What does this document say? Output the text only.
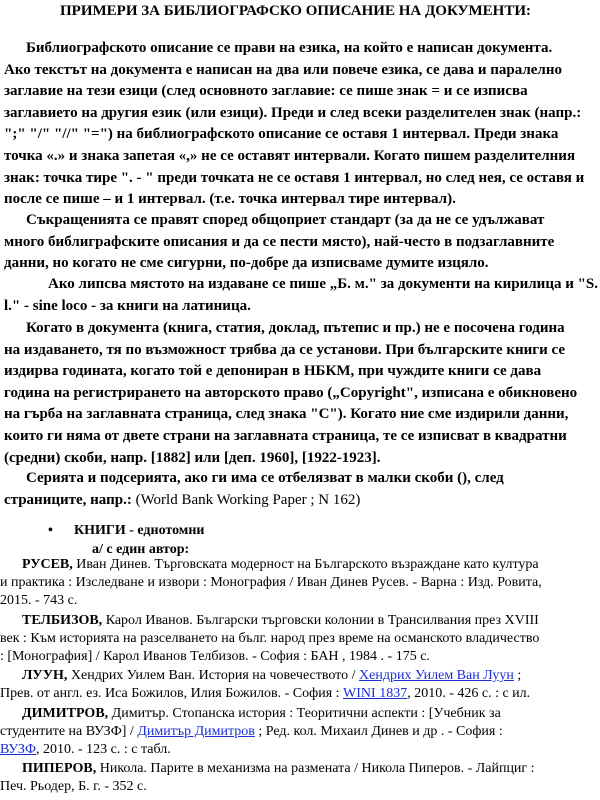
ПРИМЕРИ ЗА БИБЛИОГРАФСКО ОПИСАНИЕ НА ДОКУМЕНТИ:
Библиографското описание се прави на езика, на който е написан документа.
Ако текстът на документа е написан на два или повече езика, се дава и паралелно
заглавие на тези езици (след основното заглавие: се пише знак = и се изписва
заглавието на другия език (или езици). Преди и след всеки разделителен знак (напр.:
";" "/" "//" "=") на библиографското описание се оставя 1 интервал. Преди знака
точка «.» и знака запетая «,» не се оставят интервали. Когато пишем разделителния
знак: точка тире ". - " преди точката не се оставя 1 интервал, но след нея, се оставя и
после се пише – и 1 интервал. (т.е. точка интервал тире интервал).
Съкращенията се правят според общоприет стандарт (за да не се удължават
много библиграфските описания и да се пести място), най-често в подзаглавните
данни, но когато не сме сигурни, по-добре да изписваме думите изцяло.
Ако липсва мястото на издаване се пише „Б. м." за документи на кирилица и "S.
l." - sine loco - за книги на латиница.
Когато в документа (книга, статия, доклад, пътепис и пр.) не е посочена година
на издаването, тя по възможност трябва да се установи. При българските книги се
издирва годината, когато той е депониран в НБКМ, при чуждите книги се дава
година на регистрирането на авторското право („Copyright", изписана е обикновено
на гърба на заглавната страница, след знака "C"). Когато ние сме издирили данни,
които ги няма от двете страни на заглавната страница, те се изписват в квадратни
(средни) скоби, напр. [1882] или [деп. 1960], [1922-1923].
Серията и подсерията, ако ги има се отбелязват в малки скоби (), след
страниците, напр.: (World Bank Working Paper ; N 162)
• КНИГИ - еднотомни
а/ с един автор:
РУСЕВ, Иван Динев. Търговската модерност на Българското възраждане като култура
и практика : Изследване и извори : Монография / Иван Динев Русев. - Варна : Изд. Ровита,
2015. - 743 с.
ТЕЛБИЗОВ, Карол Иванов. Български търговски колонии в Трансилвания през XVIII
век : Към историята на разселването на бълг. народ през време на османското владичество
: [Монография] / Карол Иванов Телбизов. - София : БАН , 1984 . - 175 с.
ЛУУН, Хендрих Уилем Ван. История на човечеството / Хендрих Уилем Ван Луун ;
Прев. от англ. ез. Иса Божилов, Илия Божилов. - София : WINI 1837, 2010. - 426 с. : с ил.
ДИМИТРОВ, Димитър. Стопанска история : Теоритични аспекти : [Учебник за
студентите на ВУЗФ] / Димитър Димитров ; Ред. кол. Михаил Динев и др . - София :
ВУЗФ, 2010. - 123 с. : с табл.
ПИПЕРОВ, Никола. Парите в механизма на размената / Никола Пиперов. - Лайпциг :
Печ. Рьодер, Б. г. - 352 с.
